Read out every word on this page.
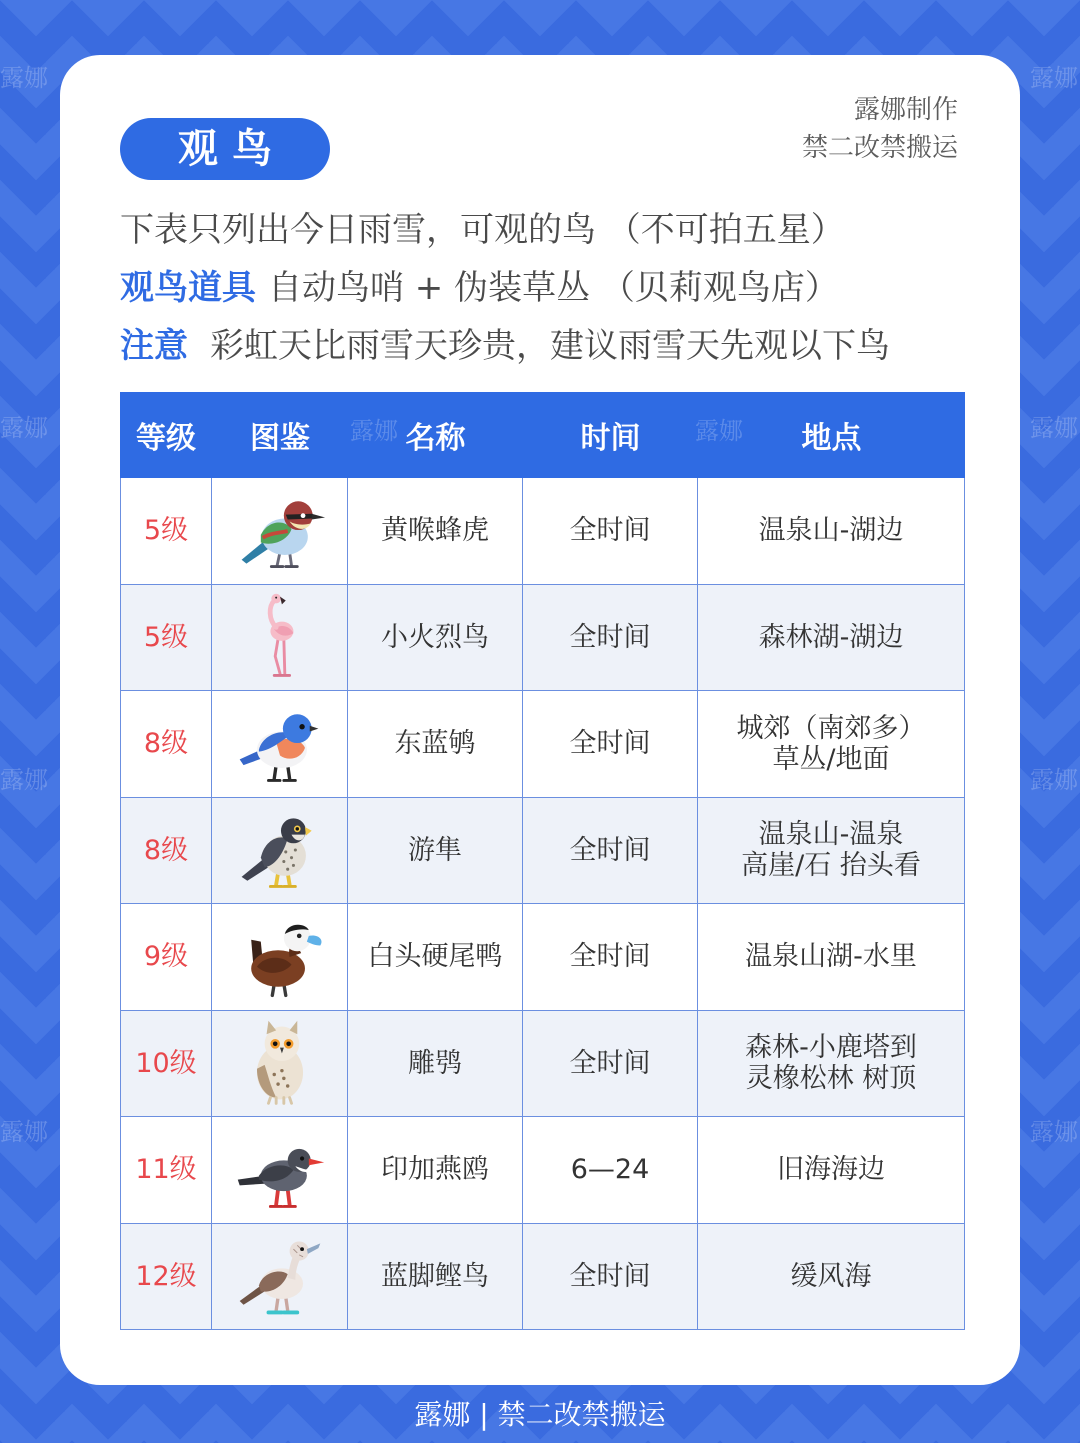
露娜
露娜
露娜
露娜
露娜
露娜
露娜
露娜
观 鸟
露娜制作
禁二改禁搬运
下表只列出今日雨雪，可观的鸟 （不可拍五星）
观鸟道具 自动鸟哨 + 伪装草丛 （贝莉观鸟店）
注意 彩虹天比雨雪天珍贵，建议雨雪天先观以下鸟
等级	图鉴	名称	时间	地点
露娜	露娜
5级	黄喉蜂虎	全时间	温泉山-湖边
5级	小火烈鸟	全时间	森林湖-湖边
8级	东蓝鸲	全时间	城郊（南郊多）
草丛/地面
8级	游隼	全时间	温泉山-温泉
高崖/石 抬头看
9级	白头硬尾鸭	全时间	温泉山湖-水里
10级	雕鸮	全时间	森林-小鹿塔到
灵橡松林 树顶
11级	印加燕鸥	6—24	旧海海边
12级	蓝脚鲣鸟	全时间	缓风海
露娜 | 禁二改禁搬运
